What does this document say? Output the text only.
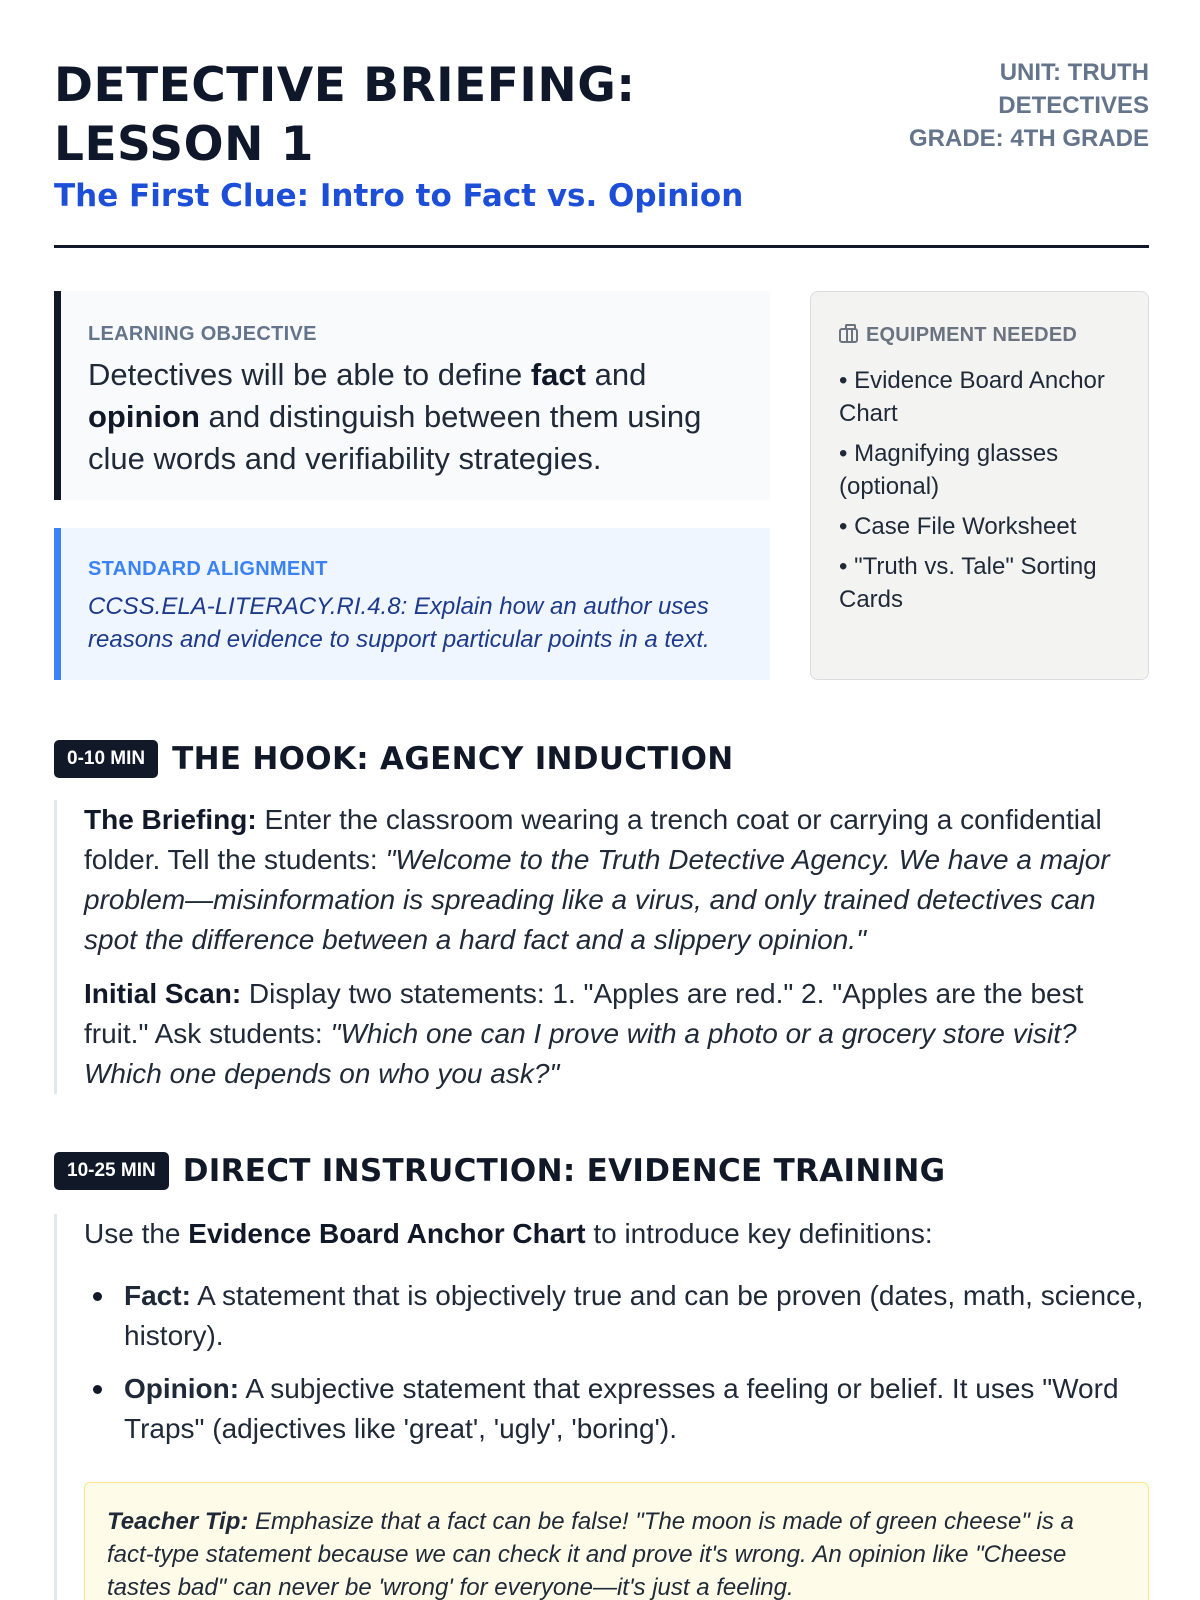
DETECTIVE BRIEFING:
LESSON 1
The First Clue: Intro to Fact vs. Opinion
UNIT: TRUTH
DETECTIVES
GRADE: 4TH GRADE
LEARNING OBJECTIVE

Detectives will be able to define fact and opinion and distinguish between them using clue words and verifiability strategies.

STANDARD ALIGNMENT

CCSS.ELA-LITERACY.RI.4.8: Explain how an author uses reasons and evidence to support particular points in a text.

EQUIPMENT NEEDED
• Evidence Board Anchor Chart
• Magnifying glasses (optional)
• Case File Worksheet
• "Truth vs. Tale" Sorting Cards
0-10 MIN THE HOOK: AGENCY INDUCTION

The Briefing: Enter the classroom wearing a trench coat or carrying a confidential folder. Tell the students: "Welcome to the Truth Detective Agency. We have a major problem—misinformation is spreading like a virus, and only trained detectives can spot the difference between a hard fact and a slippery opinion."

Initial Scan: Display two statements: 1. "Apples are red." 2. "Apples are the best fruit." Ask students: "Which one can I prove with a photo or a grocery store visit? Which one depends on who you ask?"

10-25 MIN DIRECT INSTRUCTION: EVIDENCE TRAINING

Use the Evidence Board Anchor Chart to introduce key definitions:

Fact: A statement that is objectively true and can be proven (dates, math, science, history).
Opinion: A subjective statement that expresses a feeling or belief. It uses "Word Traps" (adjectives like 'great', 'ugly', 'boring').
Teacher Tip: Emphasize that a fact can be false! "The moon is made of green cheese" is a fact-type statement because we can check it and prove it's wrong. An opinion like "Cheese tastes bad" can never be 'wrong' for everyone—it's just a feeling.
